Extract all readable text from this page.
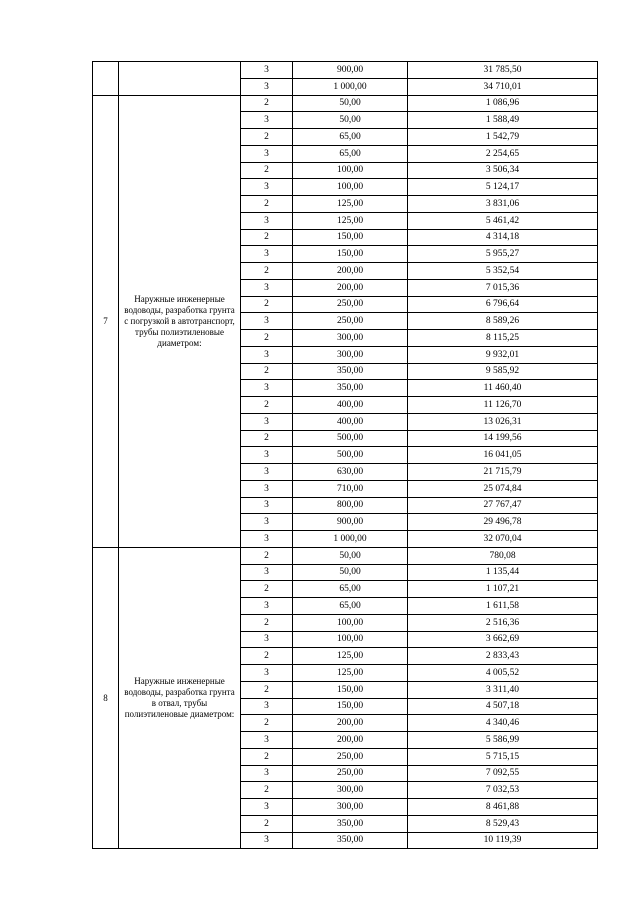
		3	900,00	31 785,50
		3	1 000,00	34 710,01
7	Наружные инженерные водоводы, разработка грунта с погрузкой в автотранспорт, трубы полиэтиленовые диаметром:	2	50,00	1 086,96
		3	50,00	1 588,49
		2	65,00	1 542,79
		3	65,00	2 254,65
		2	100,00	3 506,34
		3	100,00	5 124,17
		2	125,00	3 831,06
		3	125,00	5 461,42
		2	150,00	4 314,18
		3	150,00	5 955,27
		2	200,00	5 352,54
		3	200,00	7 015,36
		2	250,00	6 796,64
		3	250,00	8 589,26
		2	300,00	8 115,25
		3	300,00	9 932,01
		2	350,00	9 585,92
		3	350,00	11 460,40
		2	400,00	11 126,70
		3	400,00	13 026,31
		2	500,00	14 199,56
		3	500,00	16 041,05
		3	630,00	21 715,79
		3	710,00	25 074,84
		3	800,00	27 767,47
		3	900,00	29 496,78
		3	1 000,00	32 070,04
8	Наружные инженерные водоводы, разработка грунта в отвал, трубы полиэтиленовые диаметром:	2	50,00	780,08
		3	50,00	1 135,44
		2	65,00	1 107,21
		3	65,00	1 611,58
		2	100,00	2 516,36
		3	100,00	3 662,69
		2	125,00	2 833,43
		3	125,00	4 005,52
		2	150,00	3 311,40
		3	150,00	4 507,18
		2	200,00	4 340,46
		3	200,00	5 586,99
		2	250,00	5 715,15
		3	250,00	7 092,55
		2	300,00	7 032,53
		3	300,00	8 461,88
		2	350,00	8 529,43
		3	350,00	10 119,39
